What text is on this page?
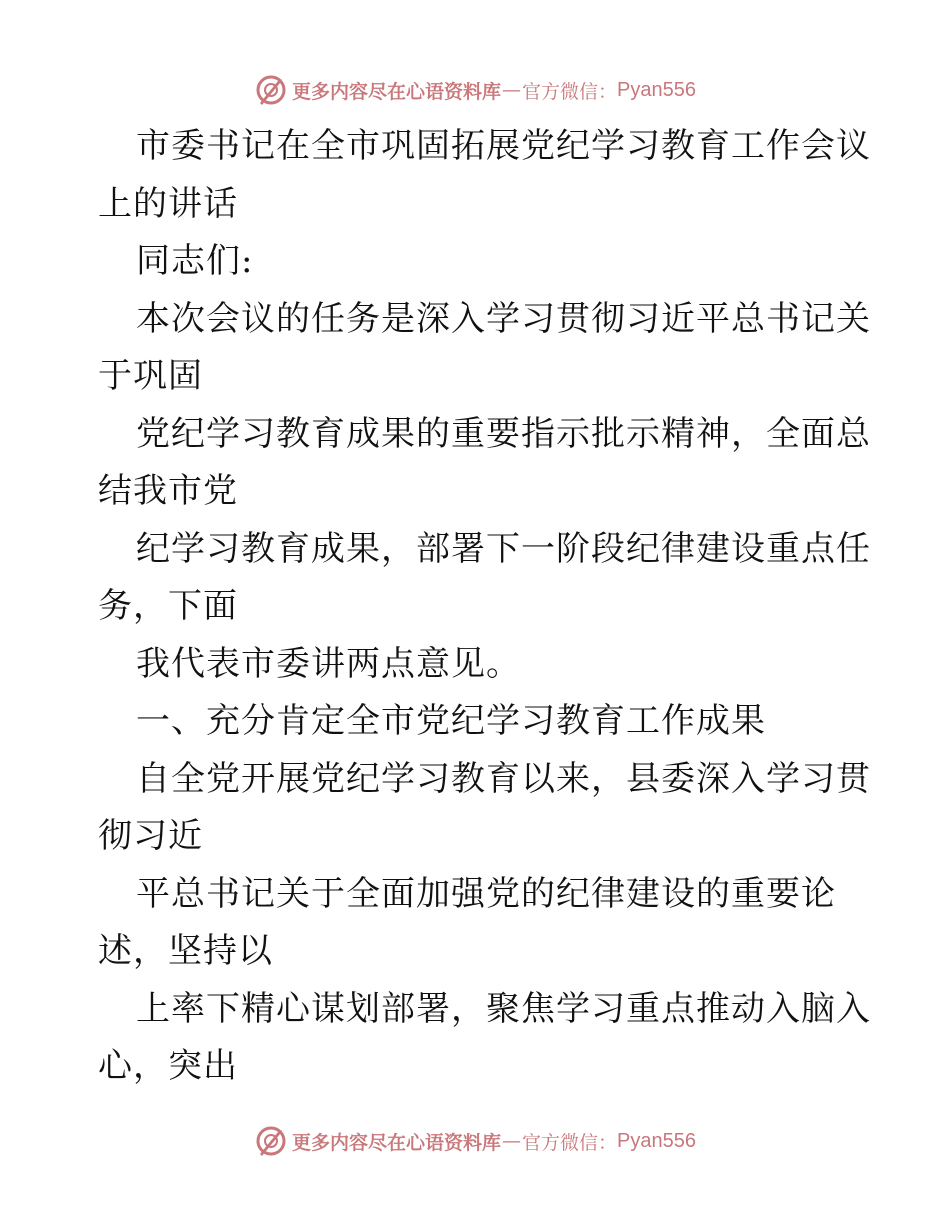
更多内容尽在心语资料库 — 官方微信： Pyan556
市委书记在全市巩固拓展党纪学习教育工作会议
上的讲话
同志们:
本次会议的任务是深入学习贯彻习近平总书记关
于巩固
党纪学习教育成果的重要指示批示精神，全面总
结我市党
纪学习教育成果，部署下一阶段纪律建设重点任
务，下面
我代表市委讲两点意见。
一、充分肯定全市党纪学习教育工作成果
自全党开展党纪学习教育以来，县委深入学习贯
彻习近
平总书记关于全面加强党的纪律建设的重要论
述，坚持以
上率下精心谋划部署，聚焦学习重点推动入脑入
心，突出
更多内容尽在心语资料库 — 官方微信： Pyan556
